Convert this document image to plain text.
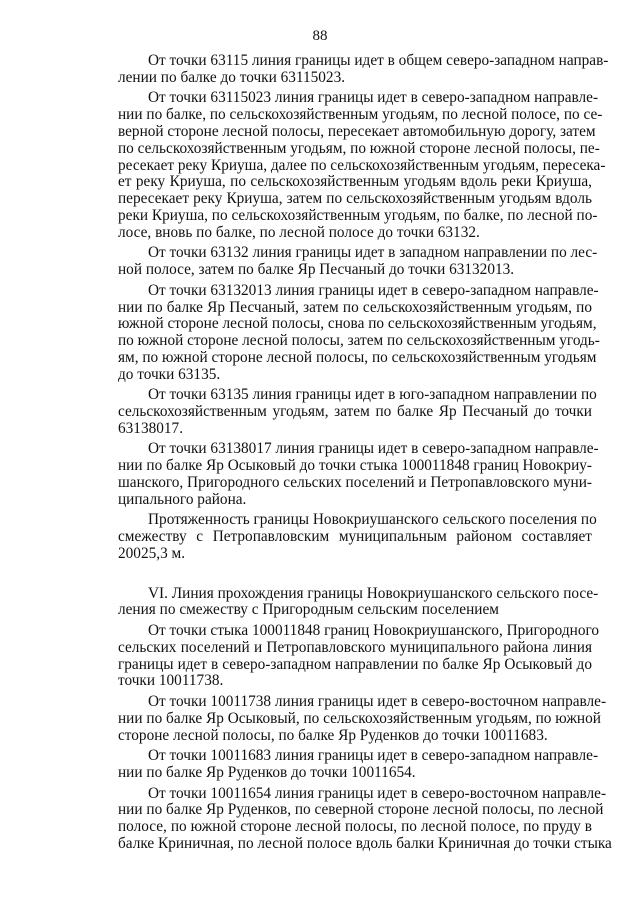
88
От точки 63115 линия границы идет в общем северо-западном направ-
лении по балке до точки 63115023.
От точки 63115023 линия границы идет в северо-западном направле-
нии по балке, по сельскохозяйственным угодьям, по лесной полосе, по се-
верной стороне лесной полосы, пересекает автомобильную дорогу, затем
по сельскохозяйственным угодьям, по южной стороне лесной полосы, пе-
ресекает реку Криуша, далее по сельскохозяйственным угодьям, пересека-
ет реку Криуша, по сельскохозяйственным угодьям вдоль реки Криуша,
пересекает реку Криуша, затем по сельскохозяйственным угодьям вдоль
реки Криуша, по сельскохозяйственным угодьям, по балке, по лесной по-
лосе, вновь по балке, по лесной полосе до точки 63132.
От точки 63132 линия границы идет в западном направлении по лес-
ной полосе, затем по балке Яр Песчаный до точки 63132013.
От точки 63132013 линия границы идет в северо-западном направле-
нии по балке Яр Песчаный, затем по сельскохозяйственным угодьям, по
южной стороне лесной полосы, снова по сельскохозяйственным угодьям,
по южной стороне лесной полосы, затем по сельскохозяйственным угодь-
ям, по южной стороне лесной полосы, по сельскохозяйственным угодьям
до точки 63135.
От точки 63135 линия границы идет в юго-западном направлении по
сельскохозяйственным угодьям, затем по балке Яр Песчаный до точки
63138017.
От точки 63138017 линия границы идет в северо-западном направле-
нии по балке Яр Осыковый до точки стыка 100011848 границ Новокриу-
шанского, Пригородного сельских поселений и Петропавловского муни-
ципального района.
Протяженность границы Новокриушанского сельского поселения по
смежеству с Петропавловским муниципальным районом составляет
20025,3 м.
VI. Линия прохождения границы Новокриушанского сельского посе-
ления по смежеству с Пригородным сельским поселением
От точки стыка 100011848 границ Новокриушанского, Пригородного
сельских поселений и Петропавловского муниципального района линия
границы идет в северо-западном направлении по балке Яр Осыковый до
точки 10011738.
От точки 10011738 линия границы идет в северо-восточном направле-
нии по балке Яр Осыковый, по сельскохозяйственным угодьям, по южной
стороне лесной полосы, по балке Яр Руденков до точки 10011683.
От точки 10011683 линия границы идет в северо-западном направле-
нии по балке Яр Руденков до точки 10011654.
От точки 10011654 линия границы идет в северо-восточном направле-
нии по балке Яр Руденков, по северной стороне лесной полосы, по лесной
полосе, по южной стороне лесной полосы, по лесной полосе, по пруду в
балке Криничная, по лесной полосе вдоль балки Криничная до точки стыка
